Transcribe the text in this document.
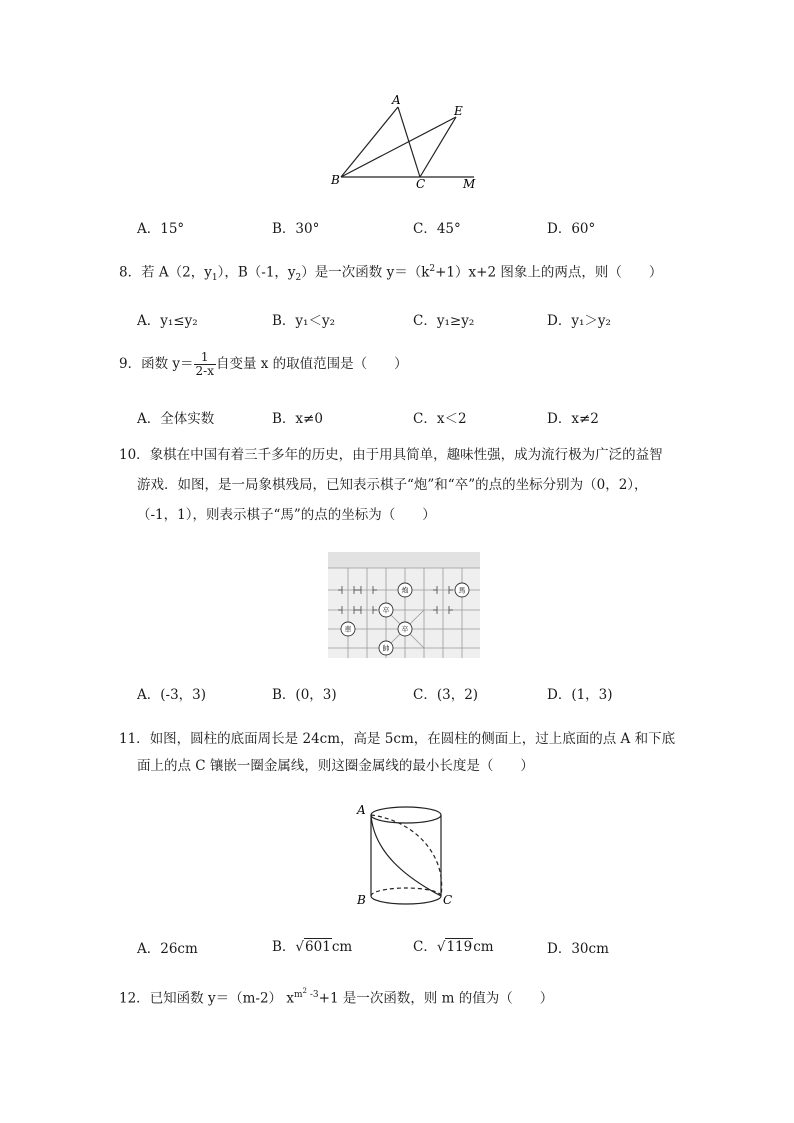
A
E
B	C	M
A．15°	B．30°	C．45°	D．60°
8．若 A（2，$y_1$），B（-1，$y_2$）是一次函数 $y=(k^2+1)x+2$ 图象上的两点，则（　　）
A．y₁≤y₂	B．y₁＜y₂	C．y₁≥y₂	D．y₁＞y₂
9．函数 $y= \frac{1}{2-x}$ 自变量 x 的取值范围是（　　）
A．全体实数	B．x≠0	C．x＜2	D．x≠2
10．象棋在中国有着三千多年的历史，由于用具简单，趣味性强，成为流行极为广泛的益智
游戏．如图，是一局象棋残局，已知表示棋子“炮”和“卒”的点的坐标分别为（0，2），
（-1，1），则表示棋子“馬”的点的坐标为（　　）
炮	馬
卒
車	卒
帥
A．(-3，3)	B．(0，3)	C．(3，2)	D．(1，3)
11．如图，圆柱的底面周长是 24cm，高是 5cm，在圆柱的侧面上，过上底面的点 A 和下底
面上的点 C 镶嵌一圈金属线，则这圈金属线的最小长度是（　　）
A
B	C
A．26cm	B．√601cm	C．√119cm	D．30cm
12．已知函数 y＝（m-2） $x^{m^2 -3}+1$ 是一次函数，则 m 的值为（　　）
